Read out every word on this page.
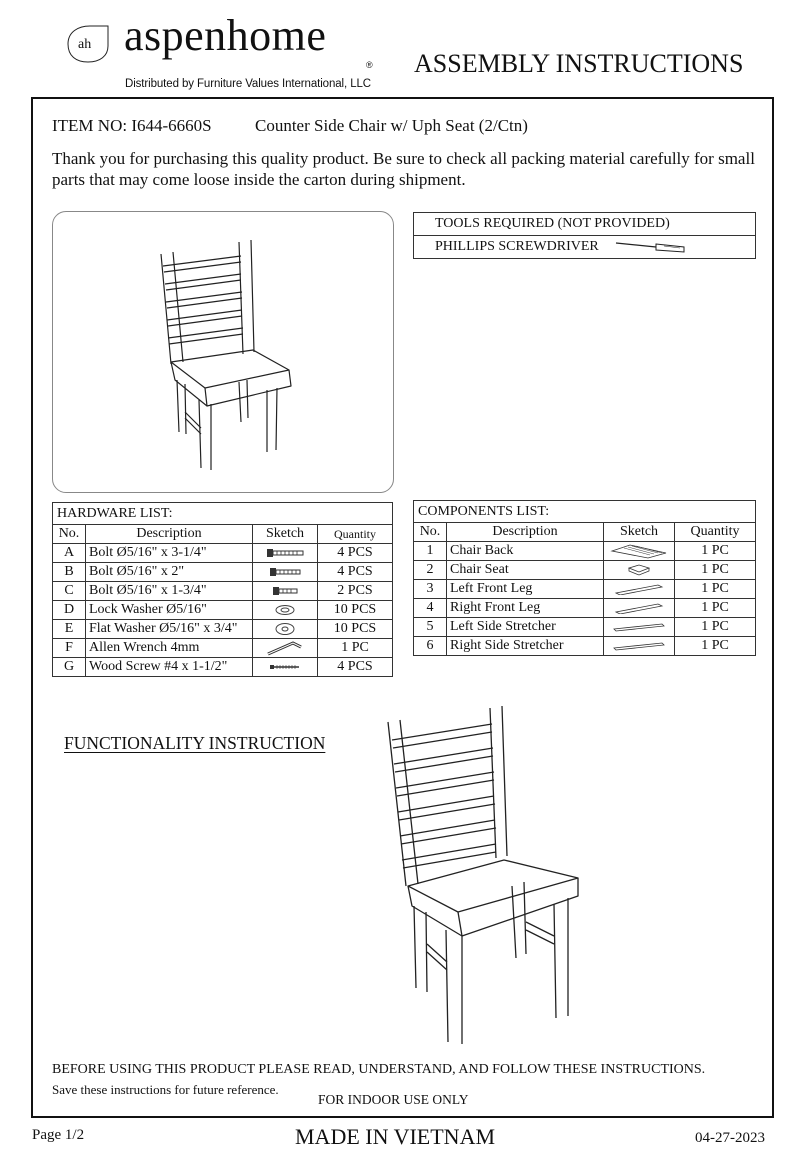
ah aspenhome
®
Distributed by Furniture Values International, LLC
ASSEMBLY INSTRUCTIONS
ITEM NO: I644-6660S	Counter Side Chair w/ Uph Seat (2/Ctn)
Thank you for purchasing this quality product. Be sure to check all packing material carefully for small parts that may come loose inside the carton during shipment.
TOOLS REQUIRED (NOT PROVIDED)
PHILLIPS SCREWDRIVER
HARDWARE LIST:			
No.	Description	Sketch	Quantity
A	Bolt Ø5/16" x 3-1/4"		4 PCS
B	Bolt Ø5/16" x 2"		4 PCS
C	Bolt Ø5/16" x 1-3/4"		2 PCS
D	Lock Washer Ø5/16"		10 PCS
E	Flat Washer Ø5/16" x 3/4"		10 PCS
F	Allen Wrench 4mm		1 PC
G	Wood Screw #4 x 1-1/2"		4 PCS
COMPONENTS LIST:			
No.	Description	Sketch	Quantity
1	Chair Back		1 PC
2	Chair Seat		1 PC
3	Left Front Leg		1 PC
4	Right Front Leg		1 PC
5	Left Side Stretcher		1 PC
6	Right Side Stretcher		1 PC
FUNCTIONALITY INSTRUCTION
BEFORE USING THIS PRODUCT PLEASE READ, UNDERSTAND, AND FOLLOW THESE INSTRUCTIONS.
Save these instructions for future reference.
FOR INDOOR USE ONLY
Page 1/2	MADE IN VIETNAM	04-27-2023
